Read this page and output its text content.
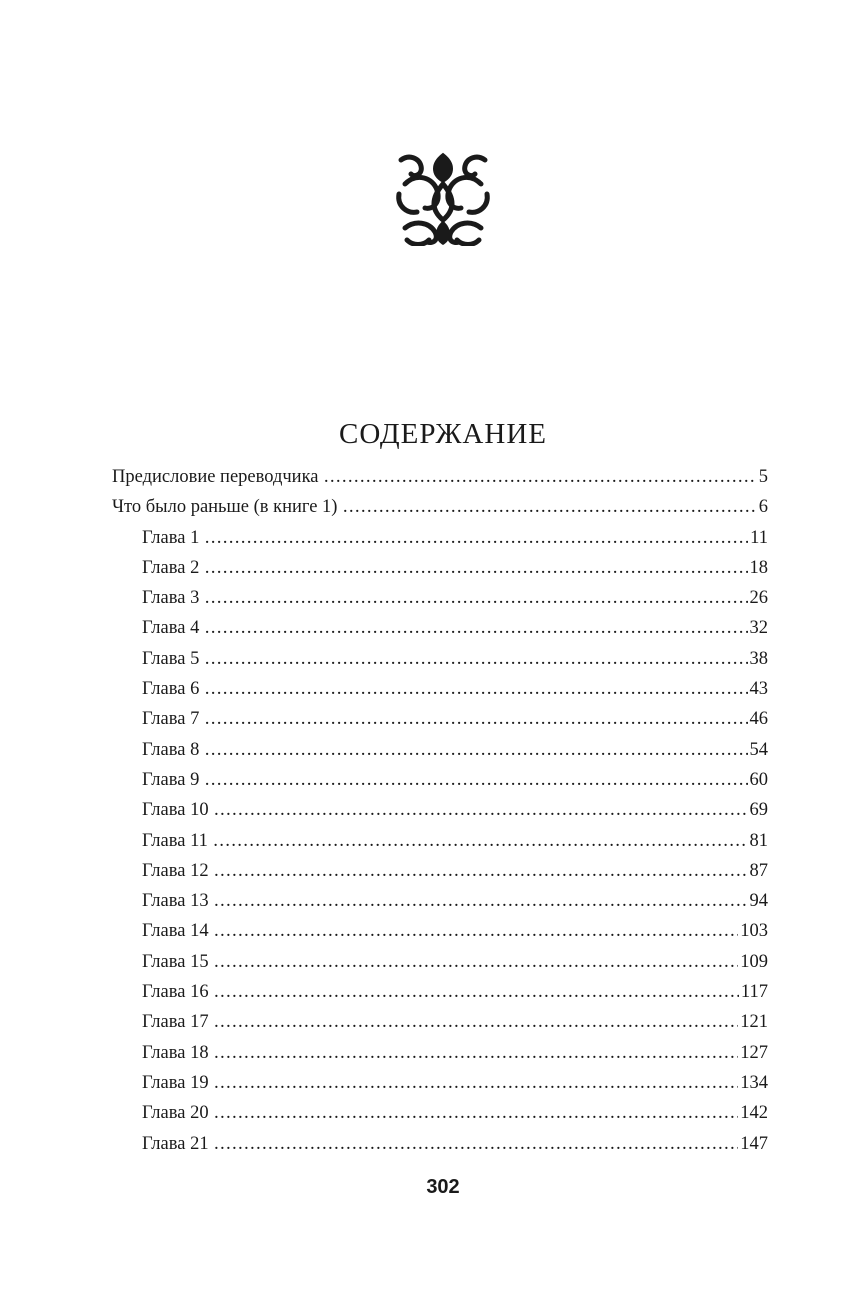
СОДЕРЖАНИЕ
Предисловие переводчика . . .	5
Что было раньше (в книге 1) . . .	6
Глава 1 . . .	11
Глава 2 . . .	18
Глава 3 . . .	26
Глава 4 . . .	32
Глава 5 . . .	38
Глава 6 . . .	43
Глава 7 . . .	46
Глава 8 . . .	54
Глава 9 . . .	60
Глава 10 . . .	69
Глава 11 . . .	81
Глава 12 . . .	87
Глава 13 . . .	94
Глава 14 . . .	103
Глава 15 . . .	109
Глава 16 . . .	117
Глава 17 . . .	121
Глава 18 . . .	127
Глава 19 . . .	134
Глава 20 . . .	142
Глава 21 . . .	147
302
